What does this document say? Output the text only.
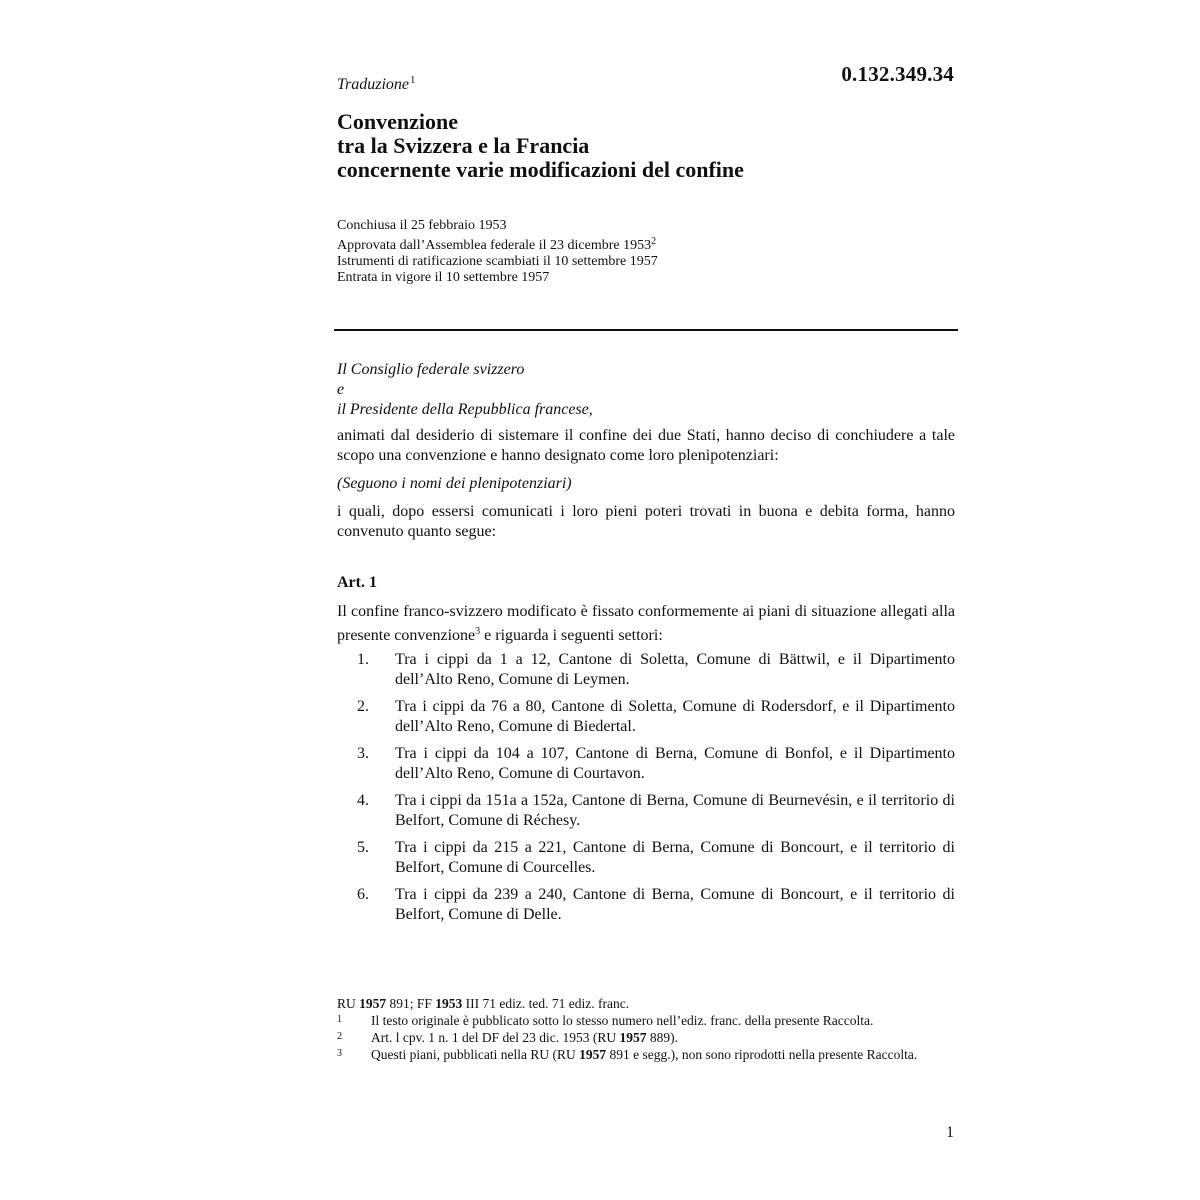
0.132.349.34
Traduzione$^1$
Convenzione
tra la Svizzera e la Francia
concernente varie modificazioni del confine
Conchiusa il 25 febbraio 1953
Approvata dall’Assemblea federale il 23 dicembre 1953$^2$
Istrumenti di ratificazione scambiati il 10 settembre 1957
Entrata in vigore il 10 settembre 1957
Il Consiglio federale svizzero
e
il Presidente della Repubblica francese,
animati dal desiderio di sistemare il confine dei due Stati, hanno deciso di conchiudere a tale scopo una convenzione e hanno designato come loro plenipotenziari:
(Seguono i nomi dei plenipotenziari)
i quali, dopo essersi comunicati i loro pieni poteri trovati in buona e debita forma, hanno convenuto quanto segue:
Art. 1
Il confine franco-svizzero modificato è fissato conformemente ai piani di situazione allegati alla presente convenzione$^3$ e riguarda i seguenti settori:
1.	Tra i cippi da 1 a 12, Cantone di Soletta, Comune di Bättwil, e il Dipartimento dell’Alto Reno, Comune di Leymen.
2.	Tra i cippi da 76 a 80, Cantone di Soletta, Comune di Rodersdorf, e il Dipartimento dell’Alto Reno, Comune di Biedertal.
3.	Tra i cippi da 104 a 107, Cantone di Berna, Comune di Bonfol, e il Dipartimento dell’Alto Reno, Comune di Courtavon.
4.	Tra i cippi da 151a a 152a, Cantone di Berna, Comune di Beurnevésin, e il territorio di Belfort, Comune di Réchesy.
5.	Tra i cippi da 215 a 221, Cantone di Berna, Comune di Boncourt, e il territorio di Belfort, Comune di Courcelles.
6.	Tra i cippi da 239 a 240, Cantone di Berna, Comune di Boncourt, e il territorio di Belfort, Comune di Delle.
RU 1957 891; FF 1953 III 71 ediz. ted. 71 ediz. franc.
1	Il testo originale è pubblicato sotto lo stesso numero nell’ediz. franc. della presente Raccolta.
2	Art. l cpv. 1 n. 1 del DF del 23 dic. 1953 (RU 1957 889).
3	Questi piani, pubblicati nella RU (RU 1957 891 e segg.), non sono riprodotti nella presente Raccolta.
1
